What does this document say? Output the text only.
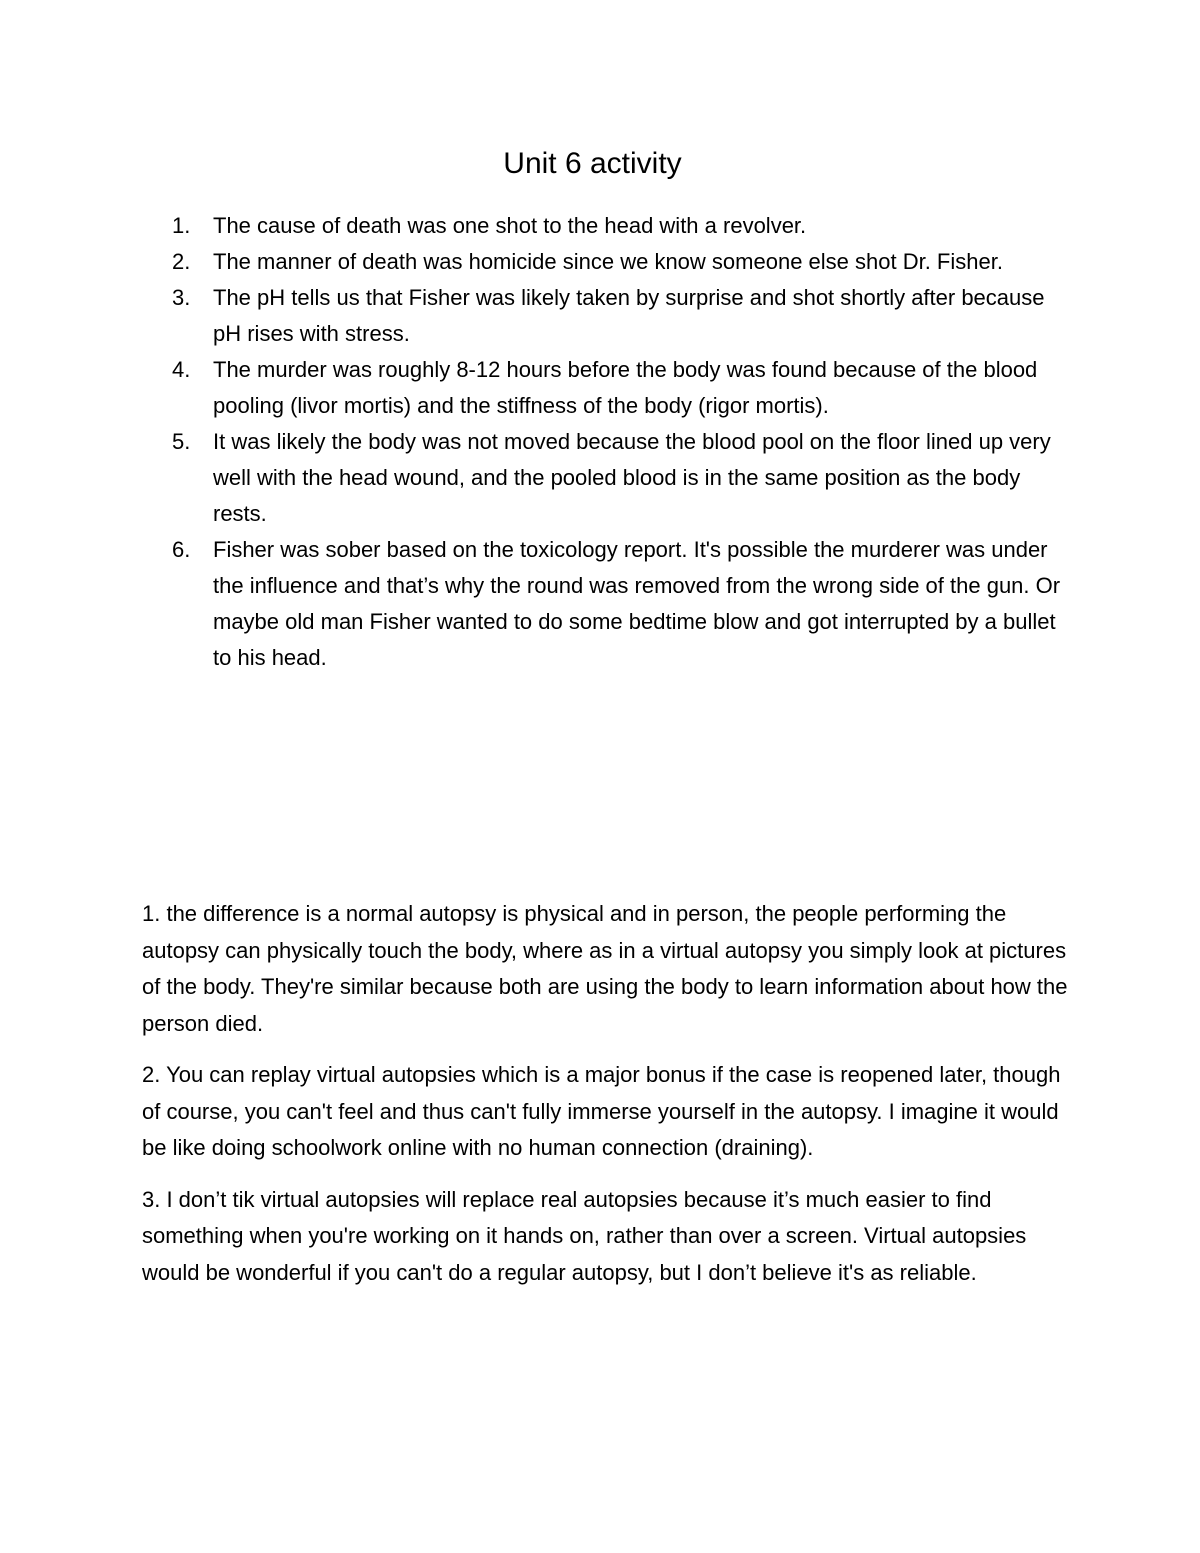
Unit 6 activity
1. The cause of death was one shot to the head with a revolver.
2. The manner of death was homicide since we know someone else shot Dr. Fisher.
3. The pH tells us that Fisher was likely taken by surprise and shot shortly after because pH rises with stress.
4. The murder was roughly 8-12 hours before the body was found because of the blood pooling (livor mortis) and the stiffness of the body (rigor mortis).
5. It was likely the body was not moved because the blood pool on the floor lined up very well with the head wound, and the pooled blood is in the same position as the body rests.
6. Fisher was sober based on the toxicology report. It's possible the murderer was under the influence and that’s why the round was removed from the wrong side of the gun. Or maybe old man Fisher wanted to do some bedtime blow and got interrupted by a bullet to his head.

1. the difference is a normal autopsy is physical and in person, the people performing the autopsy can physically touch the body, where as in a virtual autopsy you simply look at pictures of the body. They're similar because both are using the body to learn information about how the person died.

2. You can replay virtual autopsies which is a major bonus if the case is reopened later, though of course, you can't feel and thus can't fully immerse yourself in the autopsy. I imagine it would be like doing schoolwork online with no human connection (draining).

3. I don’t tik virtual autopsies will replace real autopsies because it’s much easier to find something when you're working on it hands on, rather than over a screen. Virtual autopsies would be wonderful if you can't do a regular autopsy, but I don’t believe it's as reliable.
